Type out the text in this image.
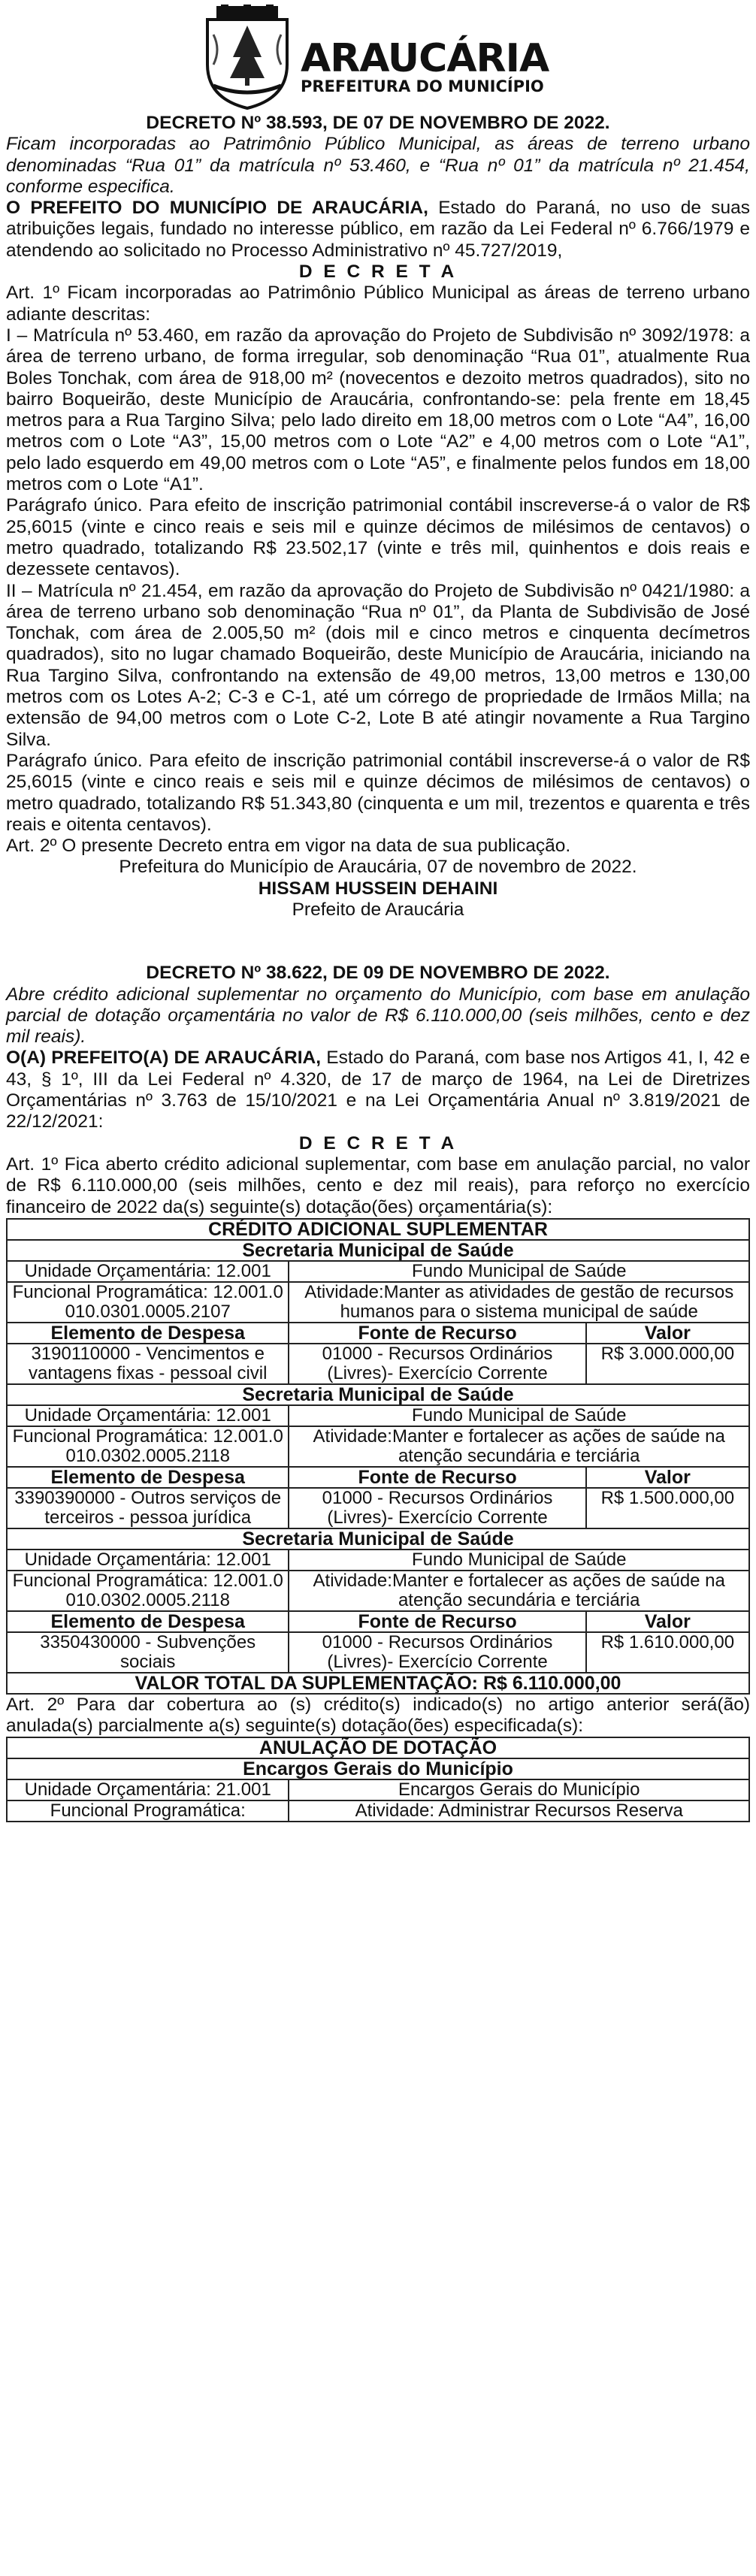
ARAUCÁRIA
PREFEITURA DO MUNICÍPIO

DECRETO Nº 38.593, DE 07 DE NOVEMBRO DE 2022.

Ficam incorporadas ao Patrimônio Público Municipal, as áreas de terreno urbano denominadas “Rua 01” da matrícula nº 53.460, e “Rua nº 01” da matrícula nº 21.454, conforme especifica.

O PREFEITO DO MUNICÍPIO DE ARAUCÁRIA, Estado do Paraná, no uso de suas atribuições legais, fundado no interesse público, em razão da Lei Federal nº 6.766/1979 e atendendo ao solicitado no Processo Administrativo nº 45.727/2019,

D E C R E T A

Art. 1º Ficam incorporadas ao Patrimônio Público Municipal as áreas de terreno urbano adiante descritas:

I – Matrícula nº 53.460, em razão da aprovação do Projeto de Subdivisão nº 3092/1978: a área de terreno urbano, de forma irregular, sob denominação “Rua 01”, atualmente Rua Boles Tonchak, com área de 918,00 m² (novecentos e dezoito metros quadrados), sito no bairro Boqueirão, deste Município de Araucária, confrontando-se: pela frente em 18,45 metros para a Rua Targino Silva; pelo lado direito em 18,00 metros com o Lote “A4”, 16,00 metros com o Lote “A3”, 15,00 metros com o Lote “A2” e 4,00 metros com o Lote “A1”, pelo lado esquerdo em 49,00 metros com o Lote “A5”, e finalmente pelos fundos em 18,00 metros com o Lote “A1”.

Parágrafo único. Para efeito de inscrição patrimonial contábil inscreverse-á o valor de R$ 25,6015 (vinte e cinco reais e seis mil e quinze décimos de milésimos de centavos) o metro quadrado, totalizando R$ 23.502,17 (vinte e três mil, quinhentos e dois reais e dezessete centavos).

II – Matrícula nº 21.454, em razão da aprovação do Projeto de Subdivisão nº 0421/1980: a área de terreno urbano sob denominação “Rua nº 01”, da Planta de Subdivisão de José Tonchak, com área de 2.005,50 m² (dois mil e cinco metros e cinquenta decímetros quadrados), sito no lugar chamado Boqueirão, deste Município de Araucária, iniciando na Rua Targino Silva, confrontando na extensão de 49,00 metros, 13,00 metros e 130,00 metros com os Lotes A-2; C-3 e C-1, até um córrego de propriedade de Irmãos Milla; na extensão de 94,00 metros com o Lote C-2, Lote B até atingir novamente a Rua Targino Silva.

Parágrafo único. Para efeito de inscrição patrimonial contábil inscreverse-á o valor de R$ 25,6015 (vinte e cinco reais e seis mil e quinze décimos de milésimos de centavos) o metro quadrado, totalizando R$ 51.343,80 (cinquenta e um mil, trezentos e quarenta e três reais e oitenta centavos).

Art. 2º O presente Decreto entra em vigor na data de sua publicação.

Prefeitura do Município de Araucária, 07 de novembro de 2022.

HISSAM HUSSEIN DEHAINI

Prefeito de Araucária

DECRETO Nº 38.622, DE 09 DE NOVEMBRO DE 2022.

Abre crédito adicional suplementar no orçamento do Município, com base em anulação parcial de dotação orçamentária no valor de R$ 6.110.000,00 (seis milhões, cento e dez mil reais).

O(A) PREFEITO(A) DE ARAUCÁRIA, Estado do Paraná, com base nos Artigos 41, I, 42 e 43, § 1º, III da Lei Federal nº 4.320, de 17 de março de 1964, na Lei de Diretrizes Orçamentárias nº 3.763 de 15/10/2021 e na Lei Orçamentária Anual nº 3.819/2021 de 22/12/2021:

D E C R E T A

Art. 1º Fica aberto crédito adicional suplementar, com base em anulação parcial, no valor de R$ 6.110.000,00 (seis milhões, cento e dez mil reais), para reforço no exercício financeiro de 2022 da(s) seguinte(s) dotação(ões) orçamentária(s):

CRÉDITO ADICIONAL SUPLEMENTAR		
Secretaria Municipal de Saúde		
Unidade Orçamentária: 12.001	Fundo Municipal de Saúde	
Funcional Programática: 12.001.0010.0301.0005.2107	Atividade:Manter as atividades de gestão de recursos humanos para o sistema municipal de saúde	
Elemento de Despesa	Fonte de Recurso	Valor
3190110000 - Vencimentos e vantagens fixas - pessoal civil	01000 - Recursos Ordinários (Livres)- Exercício Corrente	R$ 3.000.000,00
Secretaria Municipal de Saúde		
Unidade Orçamentária: 12.001	Fundo Municipal de Saúde	
Funcional Programática: 12.001.0010.0302.0005.2118	Atividade:Manter e fortalecer as ações de saúde na atenção secundária e terciária	
Elemento de Despesa	Fonte de Recurso	Valor
3390390000 - Outros serviços de terceiros - pessoa jurídica	01000 - Recursos Ordinários (Livres)- Exercício Corrente	R$ 1.500.000,00
Secretaria Municipal de Saúde		
Unidade Orçamentária: 12.001	Fundo Municipal de Saúde	
Funcional Programática: 12.001.0010.0302.0005.2118	Atividade:Manter e fortalecer as ações de saúde na atenção secundária e terciária	
Elemento de Despesa	Fonte de Recurso	Valor
3350430000 - Subvenções sociais	01000 - Recursos Ordinários (Livres)- Exercício Corrente	R$ 1.610.000,00
VALOR TOTAL DA SUPLEMENTAÇÃO: R$ 6.110.000,00		

Art. 2º Para dar cobertura ao (s) crédito(s) indicado(s) no artigo anterior será(ão) anulada(s) parcialmente a(s) seguinte(s) dotação(ões) especificada(s):

ANULAÇÃO DE DOTAÇÃO	
Encargos Gerais do Município	
Unidade Orçamentária: 21.001	Encargos Gerais do Município
Funcional Programática:	Atividade: Administrar Recursos Reserva
